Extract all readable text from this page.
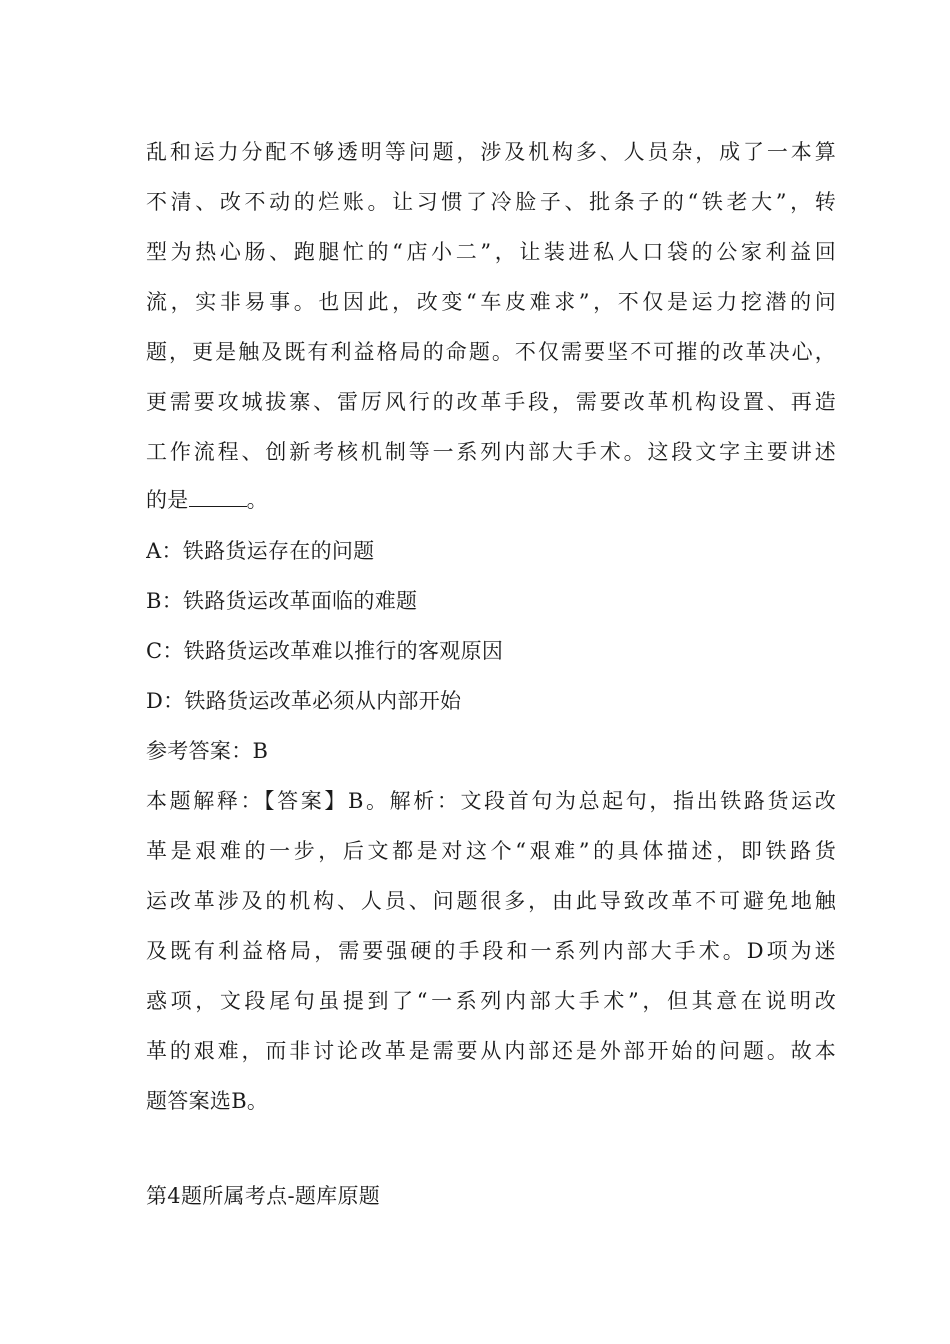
乱和运力分配不够透明等问题，涉及机构多、人员杂，成了一本算
不清、改不动的烂账。让习惯了冷脸子、批条子的“铁老大”，转
型为热心肠、跑腿忙的“店小二”，让装进私人口袋的公家利益回
流，实非易事。也因此，改变“车皮难求”，不仅是运力挖潜的问
题，更是触及既有利益格局的命题。不仅需要坚不可摧的改革决心，
更需要攻城拔寨、雷厉风行的改革手段，需要改革机构设置、再造
工作流程、创新考核机制等一系列内部大手术。这段文字主要讲述
的是	。
A：铁路货运存在的问题
B：铁路货运改革面临的难题
C：铁路货运改革难以推行的客观原因
D：铁路货运改革必须从内部开始
参考答案：B
本题解释：【答案】B。解析：文段首句为总起句，指出铁路货运改
革是艰难的一步，后文都是对这个“艰难”的具体描述，即铁路货
运改革涉及的机构、人员、问题很多，由此导致改革不可避免地触
及既有利益格局，需要强硬的手段和一系列内部大手术。D项为迷
惑项，文段尾句虽提到了“一系列内部大手术”，但其意在说明改
革的艰难，而非讨论改革是需要从内部还是外部开始的问题。故本
题答案选B。
第4题所属考点-题库原题
